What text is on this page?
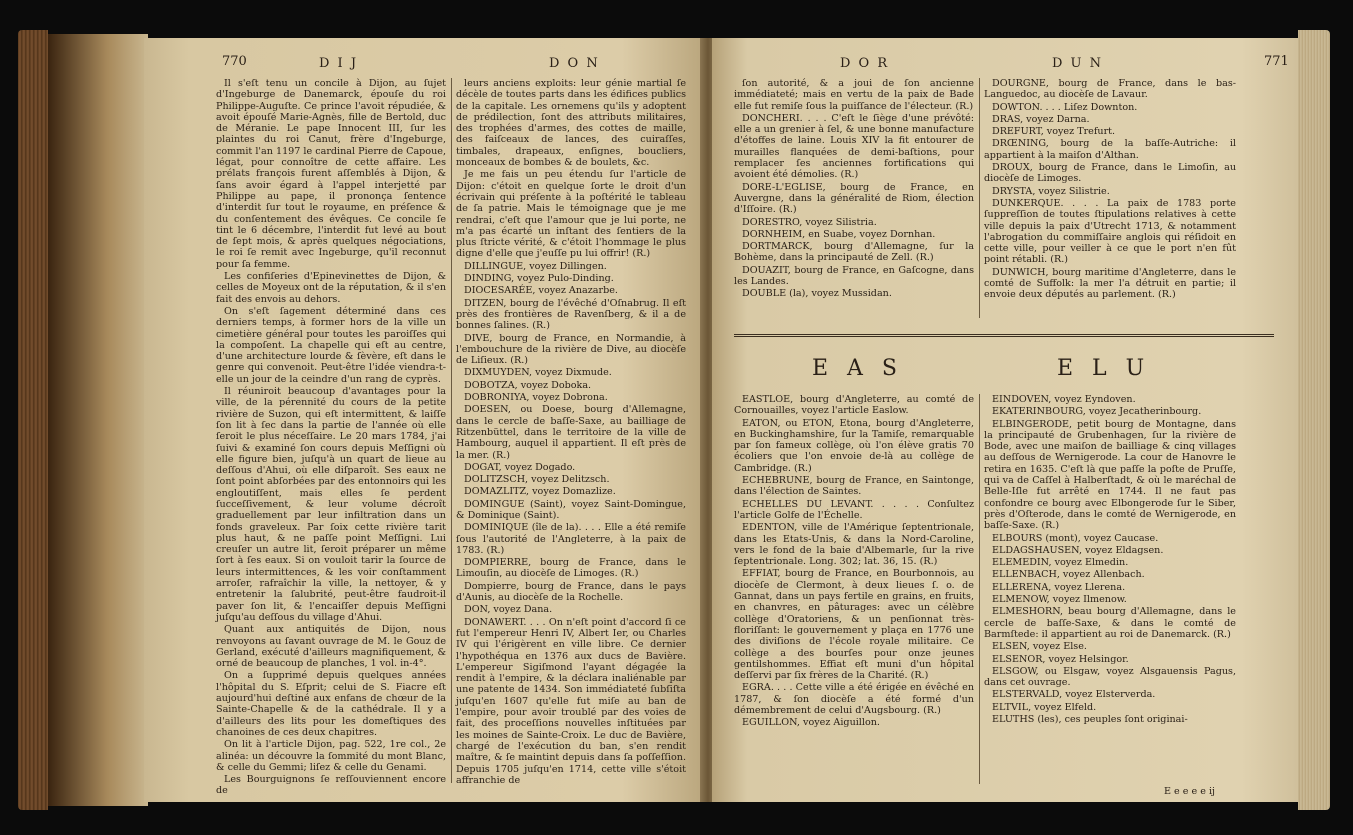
770	D I J	D O N

Il s'eſt tenu un concile à Dijon, au ſujet d'Ingeburge de Danemarck, épouſe du roi Philippe-Auguſte. Ce prince l'avoit répudiée, & avoit épouſé Marie-Agnès, fille de Bertold, duc de Méranie. Le pape Innocent III, ſur les plaintes du roi Canut, frère d'Ingeburge, commit l'an 1197 le cardinal Pierre de Capoue, légat, pour connoître de cette affaire. Les prélats françois furent aſſemblés à Dijon, & ſans avoir égard à l'appel interjetté par Philippe au pape, il prononça ſentence d'interdit ſur tout le royaume, en préſence & du conſentement des évêques. Ce concile ſe tint le 6 décembre, l'interdit fut levé au bout de ſept mois, & après quelques négociations, le roi ſe remit avec Ingeburge, qu'il reconnut pour ſa femme.

Les confiſeries d'Epinevinettes de Dijon, & celles de Moyeux ont de la réputation, & il s'en fait des envois au dehors.

On s'eſt ſagement déterminé dans ces derniers temps, à former hors de la ville un cimetière général pour toutes les paroiſſes qui la compoſent. La chapelle qui eſt au centre, d'une architecture lourde & ſèvère, eſt dans le genre qui convenoit. Peut-être l'idée viendra-t-elle un jour de la ceindre d'un rang de cyprès.

Il réuniroit beaucoup d'avantages pour la ville, de la pérennité du cours de la petite rivière de Suzon, qui eſt intermittent, & laiſſe ſon lit à ſec dans la partie de l'année où elle ſeroit le plus néceſſaire. Le 20 mars 1784, j'ai ſuivi & examiné ſon cours depuis Meſſigni où elle figure bien, juſqu'à un quart de lieue au deſſous d'Ahui, où elle diſparoît. Ses eaux ne ſont point abſorbées par des entonnoirs qui les engloutiſſent, mais elles ſe perdent ſucceſſivement, & leur volume décroît graduellement par leur infiltration dans un fonds graveleux. Par ſoix cette rivière tarit plus haut, & ne paſſe point Meſſigni. Lui creuſer un autre lit, ſeroit préparer un même ſort à ſes eaux. Si on vouloit tarir la ſource de leurs intermittences, & les voir conſtamment arroſer, rafraîchir la ville, la nettoyer, & y entretenir la ſalubrité, peut-être faudroit-il paver ſon lit, & l'encaiſſer depuis Meſſigni juſqu'au deſſous du village d'Ahui.

Quant aux antiquités de Dijon, nous renvoyons au ſavant ouvrage de M. le Gouz de Gerland, exécuté d'ailleurs magnifiquement, & orné de beaucoup de planches, 1 vol. in-4°.

On a ſupprimé depuis quelques années l'hôpital du S. Eſprit; celui de S. Fiacre eſt aujourd'hui deſtiné aux enfans de chœur de la Sainte-Chapelle & de la cathédrale. Il y a d'ailleurs des lits pour les domeſtiques des chanoines de ces deux chapitres.

On lit à l'article Dijon, pag. 522, 1re col., 2e alinéa: un découvre la ſommité du mont Blanc, & celle du Gemmi; liſez & celle du Genami.

Les Bourguignons ſe reſſouviennent encore de

leurs anciens exploits: leur génie martial ſe décèle de toutes parts dans les édifices publics de la capitale. Les ornemens qu'ils y adoptent de prédilection, ſont des attributs militaires, des trophées d'armes, des cottes de maille, des faiſceaux de lances, des cuiraſſes, timbales, drapeaux, enſignes, boucliers, monceaux de bombes & de boulets, &c.

Je me fais un peu étendu ſur l'article de Dijon: c'étoit en quelque ſorte le droit d'un écrivain qui préſente à la poſtérité le tableau de ſa patrie. Mais le témoignage que je me rendrai, c'eſt que l'amour que je lui porte, ne m'a pas écarté un inſtant des ſentiers de la plus ſtricte vérité, & c'étoit l'hommage le plus digne d'elle que j'euſſe pu lui offrir! (R.)

DILLINGUE, voyez Dillingen.

DINDING, voyez Pulo-Dinding.

DIOCESARÉE, voyez Anazarbe.

DITZEN, bourg de l'évêché d'Oſnabrug. Il eſt près des frontières de Ravenſberg, & il a de bonnes ſalines. (R.)

DIVE, bourg de France, en Normandie, à l'embouchure de la rivière de Dive, au diocèſe de Liſieux. (R.)

DIXMUYDEN, voyez Dixmude.

DOBOTZA, voyez Doboka.

DOBRONIYA, voyez Dobrona.

DOESEN, ou Doese, bourg d'Allemagne, dans le cercle de baſſe-Saxe, au bailliage de Ritzenbüttel, dans le territoire de la ville de Hambourg, auquel il appartient. Il eſt près de la mer. (R.)

DOGAT, voyez Dogado.

DOLITZSCH, voyez Delitzsch.

DOMAZLITZ, voyez Domazlize.

DOMINGUE (Saint), voyez Saint-Domingue, & Dominique (Saint).

DOMINIQUE (île de la). . . . Elle a été remiſe ſous l'autorité de l'Angleterre, à la paix de 1783. (R.)

DOMPIERRE, bourg de France, dans le Limouſin, au diocèſe de Limoges. (R.)

Dompierre, bourg de France, dans le pays d'Aunis, au diocèſe de la Rochelle.

DON, voyez Dana.

DONAWERT. . . . On n'eſt point d'accord ſi ce fut l'empereur Henri IV, Albert Ier, ou Charles IV qui l'érigèrent en ville libre. Ce dernier l'hypothéqua en 1376 aux ducs de Bavière. L'empereur Sigiſmond l'ayant dégagée la rendit à l'empire, & la déclara inaliénable par une patente de 1434. Son immédiateté ſubſiſta juſqu'en 1607 qu'elle fut miſe au ban de l'empire, pour avoir troublé par des voies de fait, des proceſſions nouvelles inſtituées par les moines de Sainte-Croix. Le duc de Bavière, chargé de l'exécution du ban, s'en rendit maître, & ſe maintint depuis dans ſa poſſeſſion. Depuis 1705 juſqu'en 1714, cette ville s'étoit affranchie de

D O R	D U N	771

ſon autorité, & a joui de ſon ancienne immédiateté; mais en vertu de la paix de Bade elle fut remiſe ſous la puiſſance de l'électeur. (R.)

DONCHERI. . . . C'eſt le ſiège d'une prévôté: elle a un grenier à ſel, & une bonne manufacture d'étoffes de laine. Louis XIV la fit entourer de murailles flanquées de demi-baſtions, pour remplacer ſes anciennes fortifications qui avoient été démolies. (R.)

DORE-L'EGLISE, bourg de France, en Auvergne, dans la généralité de Riom, élection d'Iſſoire. (R.)

DORESTRO, voyez Silistria.

DORNHEIM, en Suabe, voyez Dornhan.

DORTMARCK, bourg d'Allemagne, ſur la Bohème, dans la principauté de Zell. (R.)

DOUAZIT, bourg de France, en Gaſcogne, dans les Landes.

DOUBLE (la), voyez Mussidan.

DOURGNE, bourg de France, dans le bas-Languedoc, au diocèſe de Lavaur.

DOWTON. . . . Liſez Downton.

DRAS, voyez Darna.

DREFURT, voyez Trefurt.

DRŒNING, bourg de la baſſe-Autriche: il appartient à la maiſon d'Althan.

DROUX, bourg de France, dans le Limoſin, au diocèſe de Limoges.

DRYSTA, voyez Silistrie.

DUNKERQUE. . . . La paix de 1783 porte ſuppreſſion de toutes ſtipulations relatives à cette ville depuis la paix d'Utrecht 1713, & notamment l'abrogation du commiſſaire anglois qui réſidoit en cette ville, pour veiller à ce que le port n'en fût point rétabli. (R.)

DUNWICH, bourg maritime d'Angleterre, dans le comté de Suffolk: la mer l'a détruit en partie; il envoie deux députés au parlement. (R.)

E A S	E L U

EASTLOE, bourg d'Angleterre, au comté de Cornouailles, voyez l'article Easlow.

EATON, ou ETON, Etona, bourg d'Angleterre, en Buckinghamshire, ſur la Tamiſe, remarquable par ſon fameux collège, où l'on élève gratis 70 écoliers que l'on envoie de-là au collège de Cambridge. (R.)

ECHEBRUNE, bourg de France, en Saintonge, dans l'élection de Saintes.

ECHELLES DU LEVANT. . . . . Conſultez l'article Golfe de l'Échelle.

EDENTON, ville de l'Amérique ſeptentrionale, dans les Etats-Unis, & dans la Nord-Caroline, vers le fond de la baie d'Albemarle, ſur la rive ſeptentrionale. Long. 302; lat. 36, 15. (R.)

EFFIAT, bourg de France, en Bourbonnois, au diocèſe de Clermont, à deux lieues ſ. o. de Gannat, dans un pays fertile en grains, en fruits, en chanvres, en pâturages: avec un célèbre collège d'Oratoriens, & un penſionnat très-floriſſant: le gouvernement y plaça en 1776 une des diviſions de l'école royale militaire. Ce collège a des bourſes pour onze jeunes gentilshommes. Effiat eſt muni d'un hôpital deſſervi par ſix frères de la Charité. (R.)

EGRA. . . . Cette ville a été érigée en évêché en 1787, & ſon diocèſe a été formé d'un démembrement de celui d'Augsbourg. (R.)

EGUILLON, voyez Aiguillon.

EINDOVEN, voyez Eyndoven.

EKATERINBOURG, voyez Jecatherinbourg.

ELBINGERODE, petit bourg de Montagne, dans la principauté de Grubenhagen, ſur la rivière de Bode, avec une maiſon de bailliage & cinq villages au deſſous de Wernigerode. La cour de Hanovre le retira en 1635. C'eſt là que paſſe la poſte de Pruſſe, qui va de Caſſel à Halberſtadt, & où le maréchal de Belle-Iſle fut arrêté en 1744. Il ne faut pas confondre ce bourg avec Elbongerode ſur le Siber, près d'Oſterode, dans le comté de Wernigerode, en baſſe-Saxe. (R.)

ELBOURS (mont), voyez Caucase.

ELDAGSHAUSEN, voyez Eldagsen.

ELEMEDIN, voyez Elmedin.

ELLENBACH, voyez Allenbach.

ELLERENA, voyez Llerena.

ELMENOW, voyez Ilmenow.

ELMESHORN, beau bourg d'Allemagne, dans le cercle de baſſe-Saxe, & dans le comté de Barmſtede: il appartient au roi de Danemarck. (R.)

ELSEN, voyez Else.

ELSENOR, voyez Helsingor.

ELSGOW, ou Elsgaw, voyez Alsgauensis Pagus, dans cet ouvrage.

ELSTERVALD, voyez Elsterverda.

ELTVIL, voyez Elfeld.

ELUTHS (les), ces peuples ſont originai-

E e e e e ij
